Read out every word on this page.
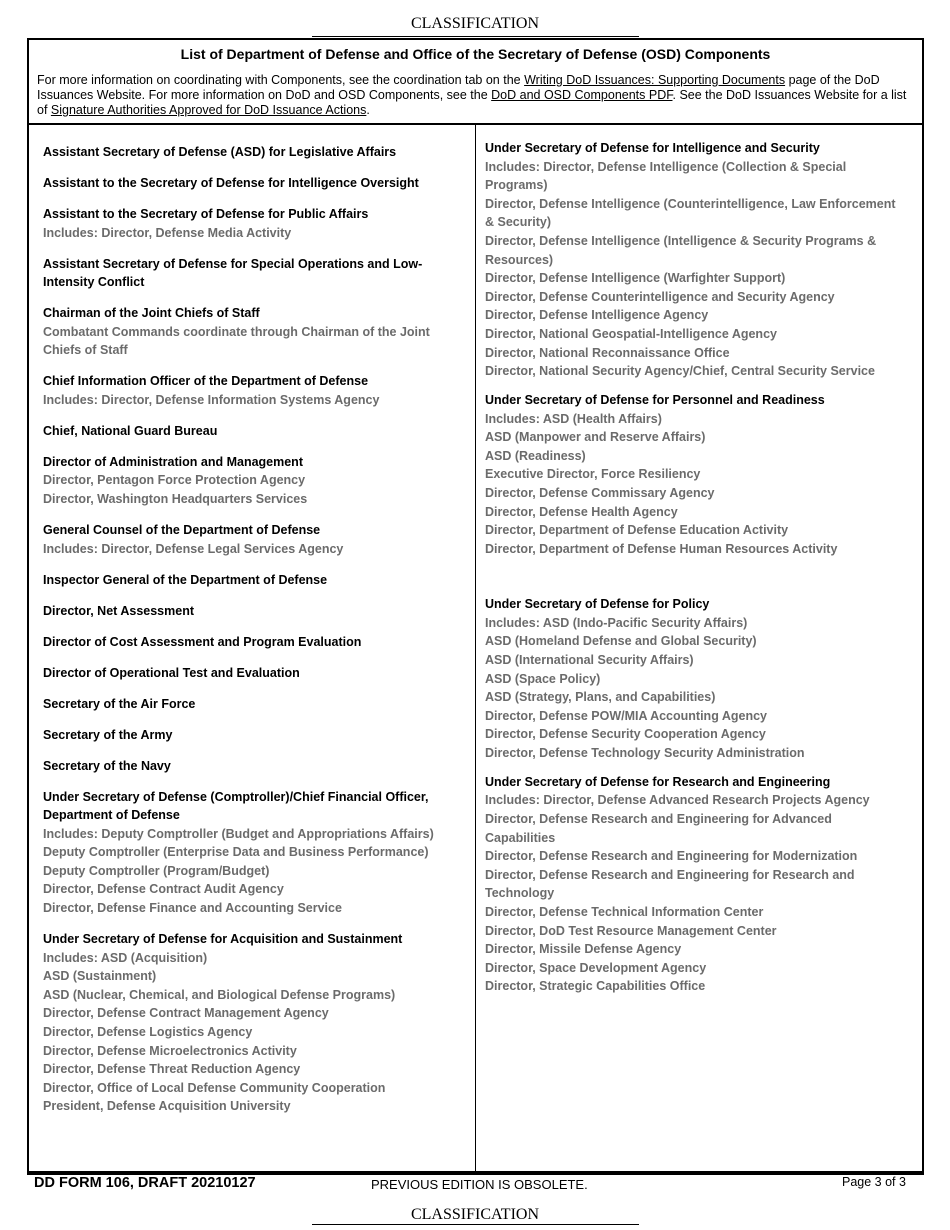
CLASSIFICATION
List of Department of Defense and Office of the Secretary of Defense (OSD) Components
For more information on coordinating with Components, see the coordination tab on the Writing DoD Issuances: Supporting Documents page of the DoD Issuances Website. For more information on DoD and OSD Components, see the DoD and OSD Components PDF. See the DoD Issuances Website for a list of Signature Authorities Approved for DoD Issuance Actions.
Assistant Secretary of Defense (ASD) for Legislative Affairs
Assistant to the Secretary of Defense for Intelligence Oversight
Assistant to the Secretary of Defense for Public Affairs
Includes: Director, Defense Media Activity
Assistant Secretary of Defense for Special Operations and Low-Intensity Conflict
Chairman of the Joint Chiefs of Staff
Combatant Commands coordinate through Chairman of the Joint Chiefs of Staff
Chief Information Officer of the Department of Defense
Includes: Director, Defense Information Systems Agency
Chief, National Guard Bureau
Director of Administration and Management
Director, Pentagon Force Protection Agency
Director, Washington Headquarters Services
General Counsel of the Department of Defense
Includes: Director, Defense Legal Services Agency
Inspector General of the Department of Defense
Director, Net Assessment
Director of Cost Assessment and Program Evaluation
Director of Operational Test and Evaluation
Secretary of the Air Force
Secretary of the Army
Secretary of the Navy
Under Secretary of Defense (Comptroller)/Chief Financial Officer, Department of Defense
Includes: Deputy Comptroller (Budget and Appropriations Affairs)
Deputy Comptroller (Enterprise Data and Business Performance)
Deputy Comptroller (Program/Budget)
Director, Defense Contract Audit Agency
Director, Defense Finance and Accounting Service
Under Secretary of Defense for Acquisition and Sustainment
Includes: ASD (Acquisition)
ASD (Sustainment)
ASD (Nuclear, Chemical, and Biological Defense Programs)
Director, Defense Contract Management Agency
Director, Defense Logistics Agency
Director, Defense Microelectronics Activity
Director, Defense Threat Reduction Agency
Director, Office of Local Defense Community Cooperation
President, Defense Acquisition University
Under Secretary of Defense for Intelligence and Security
Includes: Director, Defense Intelligence (Collection & Special Programs)
Director, Defense Intelligence (Counterintelligence, Law Enforcement & Security)
Director, Defense Intelligence (Intelligence & Security Programs & Resources)
Director, Defense Intelligence (Warfighter Support)
Director, Defense Counterintelligence and Security Agency
Director, Defense Intelligence Agency
Director, National Geospatial-Intelligence Agency
Director, National Reconnaissance Office
Director, National Security Agency/Chief, Central Security Service
Under Secretary of Defense for Personnel and Readiness
Includes: ASD (Health Affairs)
ASD (Manpower and Reserve Affairs)
ASD (Readiness)
Executive Director, Force Resiliency
Director, Defense Commissary Agency
Director, Defense Health Agency
Director, Department of Defense Education Activity
Director, Department of Defense Human Resources Activity
Under Secretary of Defense for Policy
Includes: ASD (Indo-Pacific Security Affairs)
ASD (Homeland Defense and Global Security)
ASD (International Security Affairs)
ASD (Space Policy)
ASD (Strategy, Plans, and Capabilities)
Director, Defense POW/MIA Accounting Agency
Director, Defense Security Cooperation Agency
Director, Defense Technology Security Administration
Under Secretary of Defense for Research and Engineering
Includes: Director, Defense Advanced Research Projects Agency
Director, Defense Research and Engineering for Advanced Capabilities
Director, Defense Research and Engineering for Modernization
Director, Defense Research and Engineering for Research and Technology
Director, Defense Technical Information Center
Director, DoD Test Resource Management Center
Director, Missile Defense Agency
Director, Space Development Agency
Director, Strategic Capabilities Office
DD FORM 106, DRAFT 20210127	PREVIOUS EDITION IS OBSOLETE.	Page 3 of 3
CLASSIFICATION
